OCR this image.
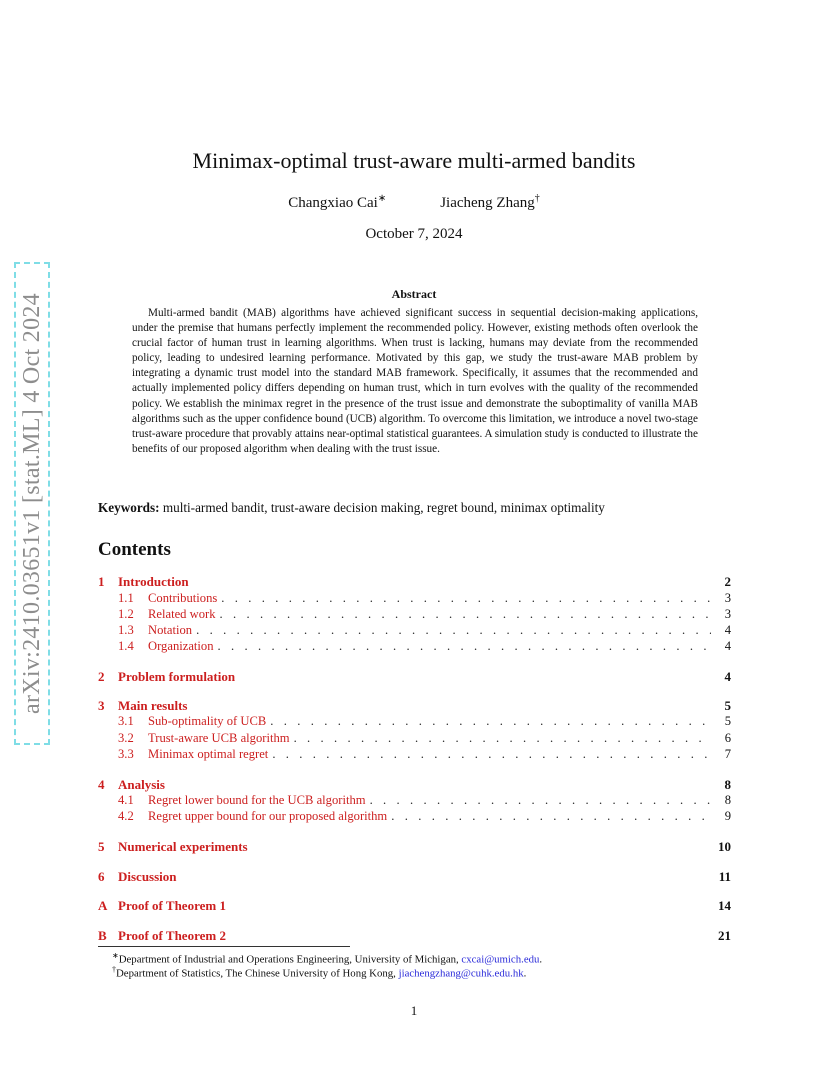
arXiv:2410.03651v1 [stat.ML] 4 Oct 2024
Minimax-optimal trust-aware multi-armed bandits
Changxiao Cai∗	Jiacheng Zhang†
October 7, 2024
Abstract

Multi-armed bandit (MAB) algorithms have achieved significant success in sequential decision-making applications, under the premise that humans perfectly implement the recommended policy. However, existing methods often overlook the crucial factor of human trust in learning algorithms. When trust is lacking, humans may deviate from the recommended policy, leading to undesired learning performance. Motivated by this gap, we study the trust-aware MAB problem by integrating a dynamic trust model into the standard MAB framework. Specifically, it assumes that the recommended and actually implemented policy differs depending on human trust, which in turn evolves with the quality of the recommended policy. We establish the minimax regret in the presence of the trust issue and demonstrate the suboptimality of vanilla MAB algorithms such as the upper confidence bound (UCB) algorithm. To overcome this limitation, we introduce a novel two-stage trust-aware procedure that provably attains near-optimal statistical guarantees. A simulation study is conducted to illustrate the benefits of our proposed algorithm when dealing with the trust issue.

Keywords: multi-armed bandit, trust-aware decision making, regret bound, minimax optimality
Contents
1	Introduction	2
1.1	Contributions . . .	3
1.2	Related work . . .	3
1.3	Notation . . .	4
1.4	Organization . . .	4
2	Problem formulation	4
3	Main results	5
3.1	Sub-optimality of UCB . . .	5
3.2	Trust-aware UCB algorithm . . .	6
3.3	Minimax optimal regret . . .	7
4	Analysis	8
4.1	Regret lower bound for the UCB algorithm . . .	8
4.2	Regret upper bound for our proposed algorithm . . .	9
5	Numerical experiments	10
6	Discussion	11
A Proof of Theorem 1	14
B Proof of Theorem 2	21
∗Department of Industrial and Operations Engineering, University of Michigan, cxcai@umich.edu.
†Department of Statistics, The Chinese University of Hong Kong, jiachengzhang@cuhk.edu.hk.
1
